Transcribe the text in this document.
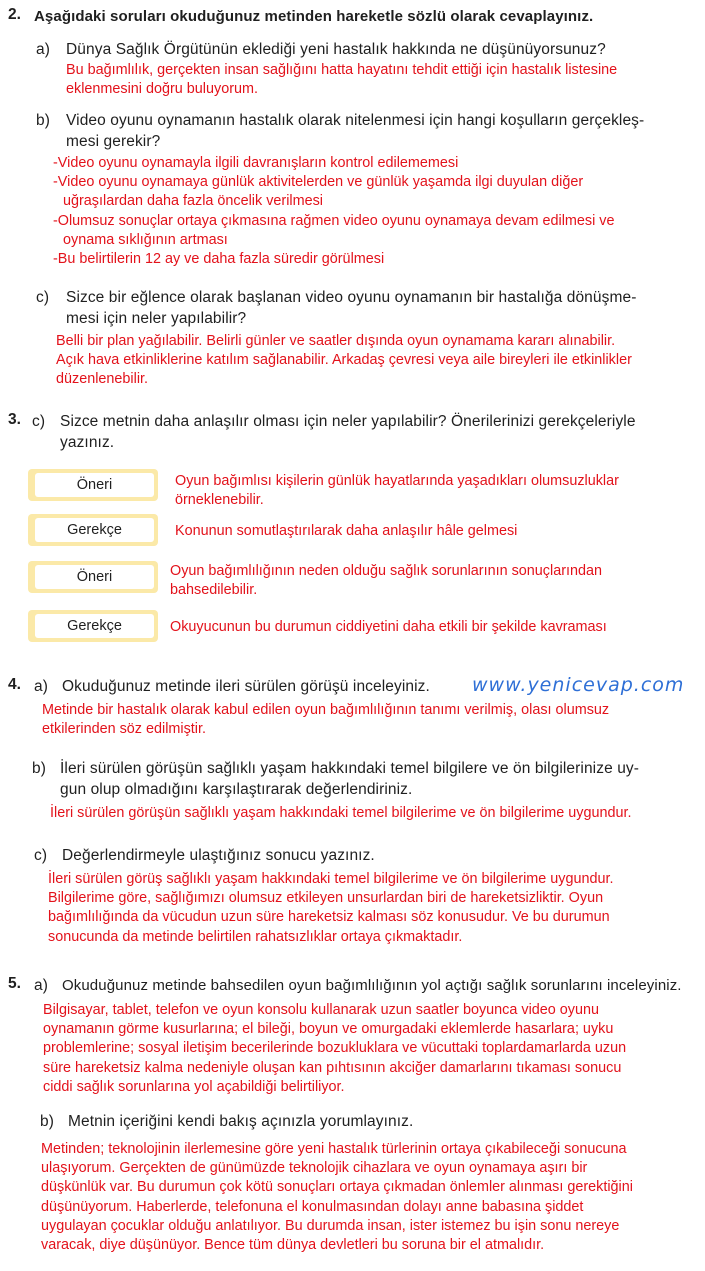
2. Aşağıdaki soruları okuduğunuz metinden hareketle sözlü olarak cevaplayınız.
a) Dünya Sağlık Örgütünün eklediği yeni hastalık hakkında ne düşünüyorsunuz?
Bu bağımlılık, gerçekten insan sağlığını hatta hayatını tehdit ettiği için hastalık listesine
eklenmesini doğru buluyorum.
b) Video oyunu oynamanın hastalık olarak nitelenmesi için hangi koşulların gerçekleş-
mesi gerekir?
-Video oyunu oynamayla ilgili davranışların kontrol edilememesi
-Video oyunu oynamaya günlük aktivitelerden ve günlük yaşamda ilgi duyulan diğer
uğraşılardan daha fazla öncelik verilmesi
-Olumsuz sonuçlar ortaya çıkmasına rağmen video oyunu oynamaya devam edilmesi ve
oynama sıklığının artması
-Bu belirtilerin 12 ay ve daha fazla süredir görülmesi
c) Sizce bir eğlence olarak başlanan video oyunu oynamanın bir hastalığa dönüşme-
mesi için neler yapılabilir?
Belli bir plan yağılabilir. Belirli günler ve saatler dışında oyun oynamama kararı alınabilir.
Açık hava etkinliklerine katılım sağlanabilir. Arkadaş çevresi veya aile bireyleri ile etkinlikler
düzenlenebilir.
3. c) Sizce metnin daha anlaşılır olması için neler yapılabilir? Önerilerinizi gerekçeleriyle
yazınız.
Öneri	Oyun bağımlısı kişilerin günlük hayatlarında yaşadıkları olumsuzluklar
örneklenebilir.
Gerekçe	Konunun somutlaştırılarak daha anlaşılır hâle gelmesi
Öneri	Oyun bağımlılığının neden olduğu sağlık sorunlarının sonuçlarından
bahsedilebilir.
Gerekçe	Okuyucunun bu durumun ciddiyetini daha etkili bir şekilde kavraması
4. a) Okuduğunuz metinde ileri sürülen görüşü inceleyiniz. www.yenicevap.com
Metinde bir hastalık olarak kabul edilen oyun bağımlılığının tanımı verilmiş, olası olumsuz
etkilerinden söz edilmiştir.
b) İleri sürülen görüşün sağlıklı yaşam hakkındaki temel bilgilere ve ön bilgilerinize uy-
gun olup olmadığını karşılaştırarak değerlendiriniz.
İleri sürülen görüşün sağlıklı yaşam hakkındaki temel bilgilerime ve ön bilgilerime uygundur.
c) Değerlendirmeyle ulaştığınız sonucu yazınız.
İleri sürülen görüş sağlıklı yaşam hakkındaki temel bilgilerime ve ön bilgilerime uygundur.
Bilgilerime göre, sağlığımızı olumsuz etkileyen unsurlardan biri de hareketsizliktir. Oyun
bağımlılığında da vücudun uzun süre hareketsiz kalması söz konusudur. Ve bu durumun
sonucunda da metinde belirtilen rahatsızlıklar ortaya çıkmaktadır.
5. a) Okuduğunuz metinde bahsedilen oyun bağımlılığının yol açtığı sağlık sorunlarını inceleyiniz.
Bilgisayar, tablet, telefon ve oyun konsolu kullanarak uzun saatler boyunca video oyunu
oynamanın görme kusurlarına; el bileği, boyun ve omurgadaki eklemlerde hasarlara; uyku
problemlerine; sosyal iletişim becerilerinde bozukluklara ve vücuttaki toplardamarlarda uzun
süre hareketsiz kalma nedeniyle oluşan kan pıhtısının akciğer damarlarını tıkaması sonucu
ciddi sağlık sorunlarına yol açabildiği belirtiliyor.
b) Metnin içeriğini kendi bakış açınızla yorumlayınız.
Metinden; teknolojinin ilerlemesine göre yeni hastalık türlerinin ortaya çıkabileceği sonucuna
ulaşıyorum. Gerçekten de günümüzde teknolojik cihazlara ve oyun oynamaya aşırı bir
düşkünlük var. Bu durumun çok kötü sonuçları ortaya çıkmadan önlemler alınması gerektiğini
düşünüyorum. Haberlerde, telefonuna el konulmasından dolayı anne babasına şiddet
uygulayan çocuklar olduğu anlatılıyor. Bu durumda insan, ister istemez bu işin sonu nereye
varacak, diye düşünüyor. Bence tüm dünya devletleri bu soruna bir el atmalıdır.
